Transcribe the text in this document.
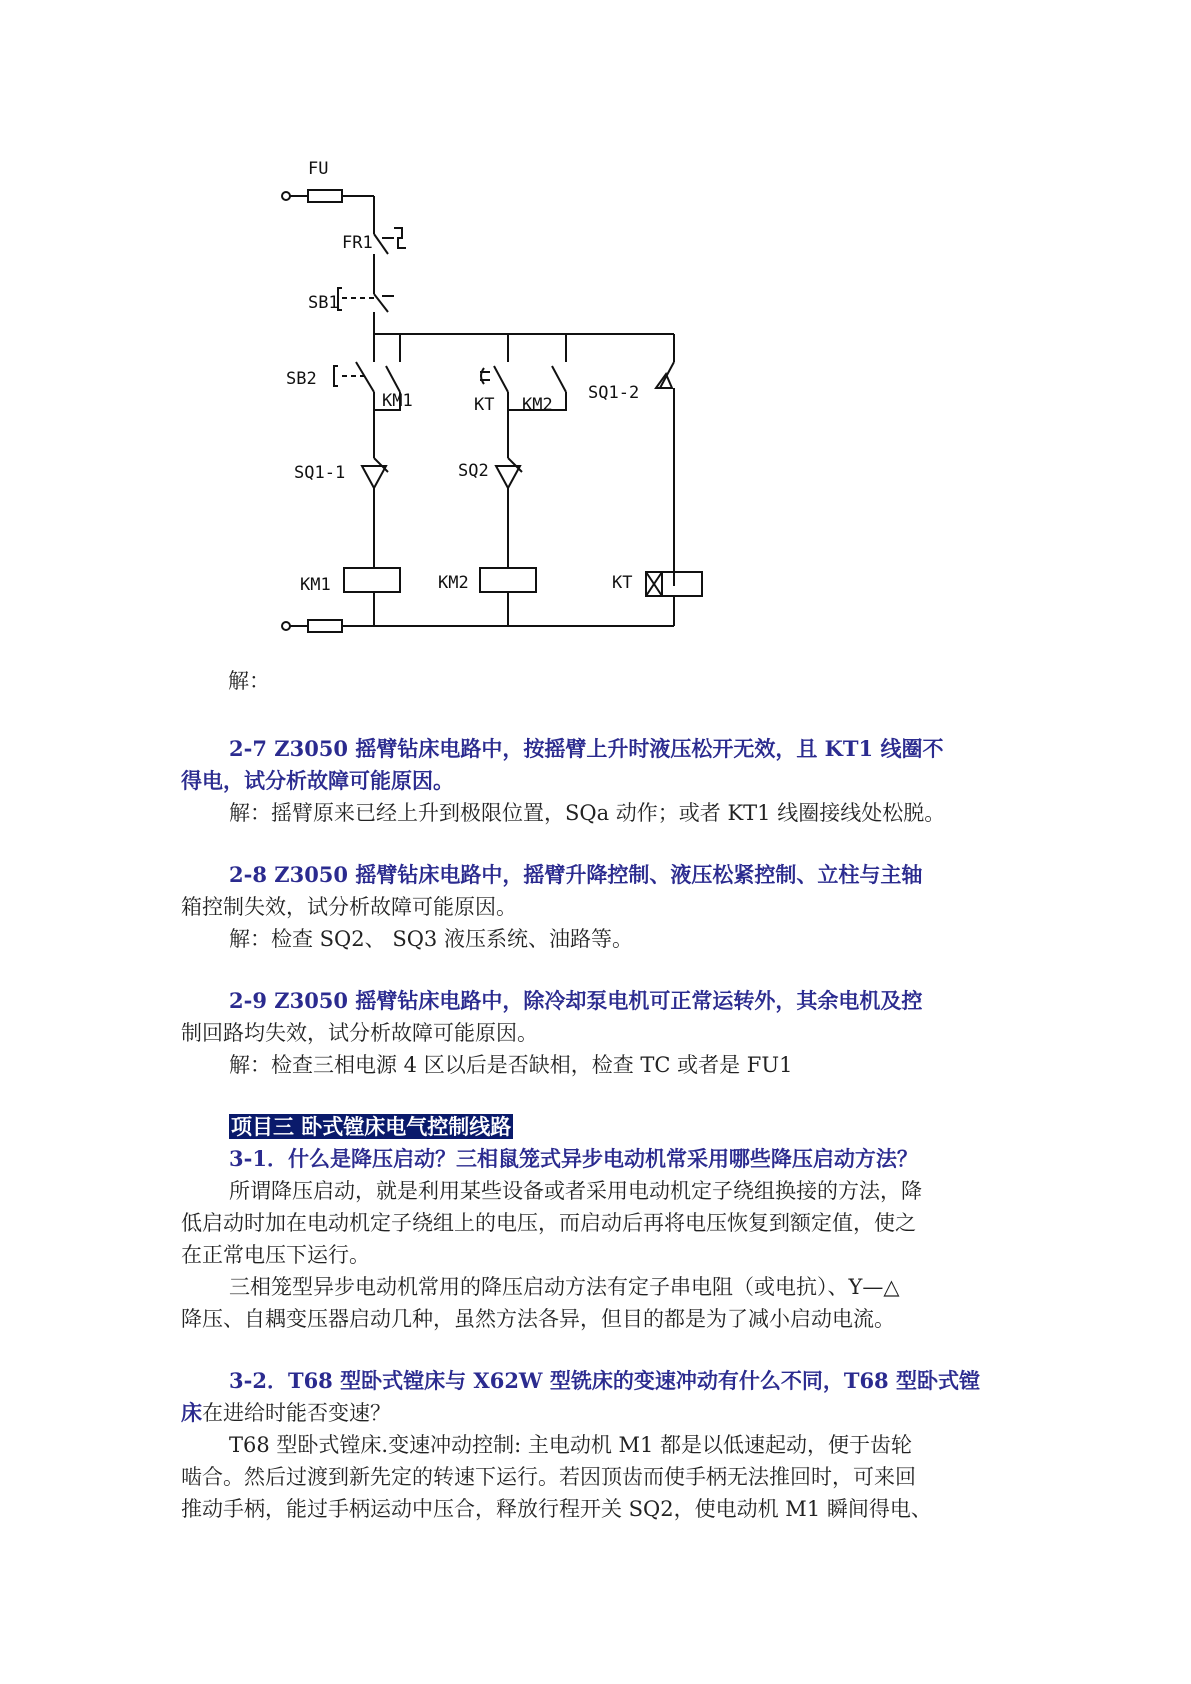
FU
FR1
SB1
SB2
KM1	KT KM2
SQ1-2
SQ1-1	SQ2
KM1	KM2	KT
解：
2-7 Z3050 摇臂钻床电路中，按摇臂上升时液压松开无效，且 KT1 线圈不
得电，试分析故障可能原因。
解：摇臂原来已经上升到极限位置，SQa 动作；或者 KT1 线圈接线处松脱。
2-8 Z3050 摇臂钻床电路中，摇臂升降控制、液压松紧控制、立柱与主轴
箱控制失效，试分析故障可能原因。
解：检查 SQ2、 SQ3 液压系统、油路等。
2-9 Z3050 摇臂钻床电路中，除冷却泵电机可正常运转外，其余电机及控
制回路均失效，试分析故障可能原因。
解：检查三相电源 4 区以后是否缺相，检查 TC 或者是 FU1
项目三 卧式镗床电气控制线路
3-1．什么是降压启动？三相鼠笼式异步电动机常采用哪些降压启动方法？
所谓降压启动，就是利用某些设备或者采用电动机定子绕组换接的方法，降
低启动时加在电动机定子绕组上的电压，而启动后再将电压恢复到额定值，使之
在正常电压下运行。
三相笼型异步电动机常用的降压启动方法有定子串电阻（或电抗）、Y—△
降压、自耦变压器启动几种，虽然方法各异，但目的都是为了减小启动电流。
3-2．T68 型卧式镗床与 X62W 型铣床的变速冲动有什么不同，T68 型卧式镗
床在进给时能否变速？
T68 型卧式镗床.变速冲动控制: 主电动机 M1 都是以低速起动，便于齿轮
啮合。然后过渡到新先定的转速下运行。若因顶齿而使手柄无法推回时，可来回
推动手柄，能过手柄运动中压合，释放行程开关 SQ2，使电动机 M1 瞬间得电、
